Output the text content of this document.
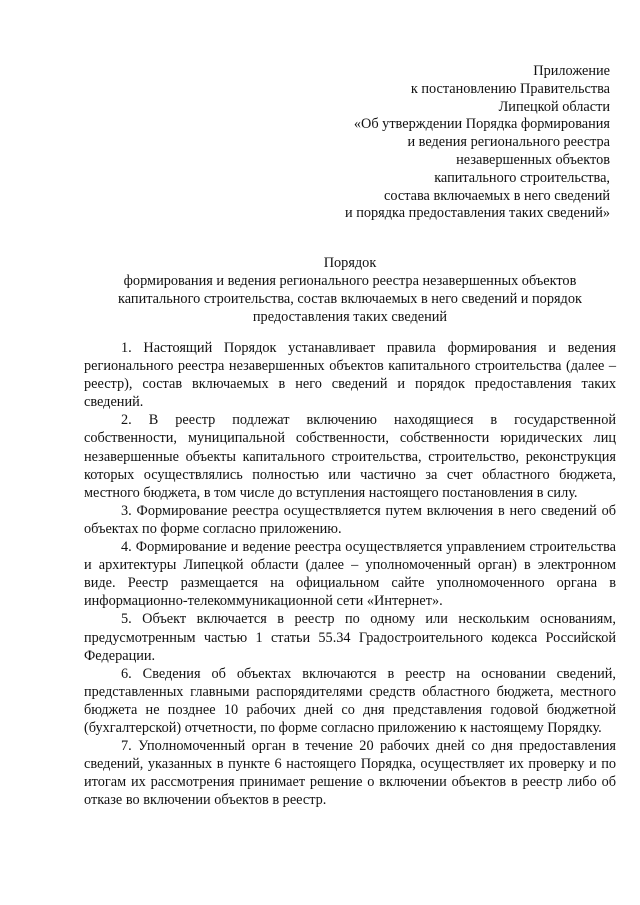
Приложение
к постановлению Правительства
Липецкой области
«Об утверждении Порядка формирования
и ведения регионального реестра
незавершенных объектов
капитального строительства,
состава включаемых в него сведений
и порядка предоставления таких сведений»
Порядок
формирования и ведения регионального реестра незавершенных объектов
капитального строительства, состав включаемых в него сведений и порядок
предоставления таких сведений

1. Настоящий Порядок устанавливает правила формирования и ведения регионального реестра незавершенных объектов капитального строительства (далее – реестр), состав включаемых в него сведений и порядок предоставления таких сведений.

2. В реестр подлежат включению находящиеся в государственной собственности, муниципальной собственности, собственности юридических лиц незавершенные объекты капитального строительства, строительство, реконструкция которых осуществлялись полностью или частично за счет областного бюджета, местного бюджета, в том числе до вступления настоящего постановления в силу.

3. Формирование реестра осуществляется путем включения в него сведений об объектах по форме согласно приложению.

4. Формирование и ведение реестра осуществляется управлением строительства и архитектуры Липецкой области (далее – уполномоченный орган) в электронном виде. Реестр размещается на официальном сайте уполномоченного органа в информационно-телекоммуникационной сети «Интернет».

5. Объект включается в реестр по одному или нескольким основаниям, предусмотренным частью 1 статьи 55.34 Градостроительного кодекса Российской Федерации.

6. Сведения об объектах включаются в реестр на основании сведений, представленных главными распорядителями средств областного бюджета, местного бюджета не позднее 10 рабочих дней со дня представления годовой бюджетной (бухгалтерской) отчетности, по форме согласно приложению к настоящему Порядку.

7. Уполномоченный орган в течение 20 рабочих дней со дня предоставления сведений, указанных в пункте 6 настоящего Порядка, осуществляет их проверку и по итогам их рассмотрения принимает решение о включении объектов в реестр либо об отказе во включении объектов в реестр.
